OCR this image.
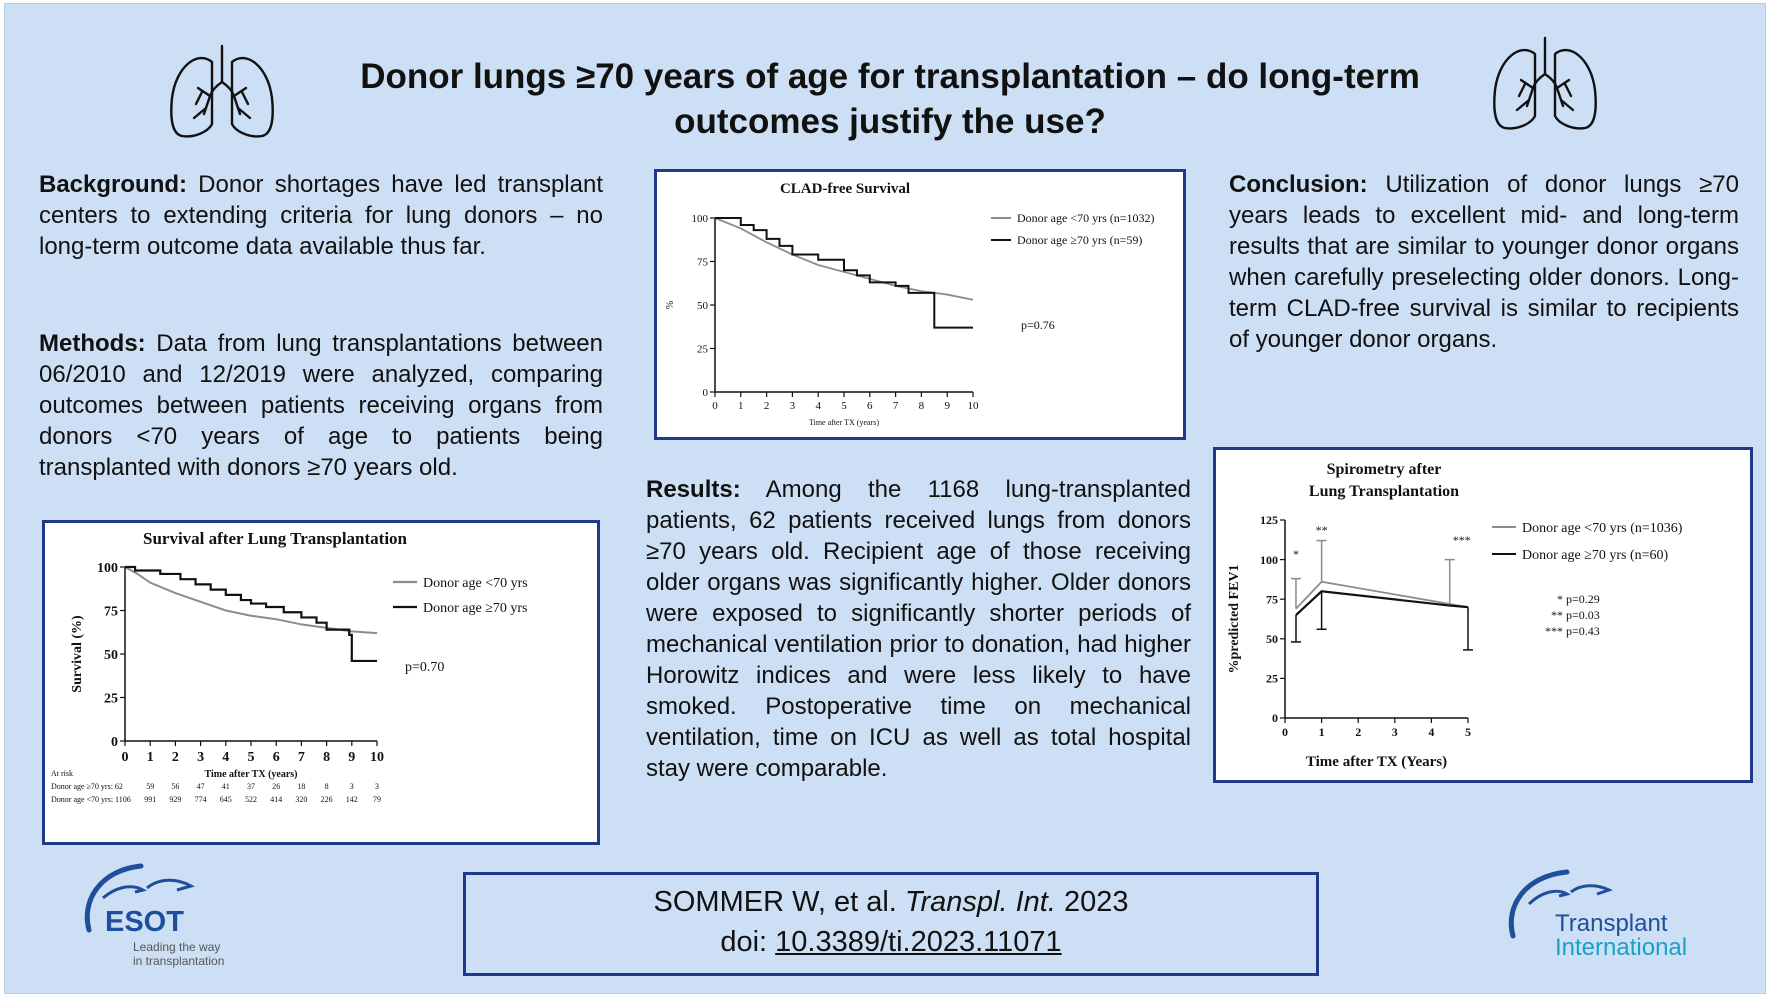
Donor lungs ≥70 years of age for transplantation – do long-term outcomes justify the use?
Background: Donor shortages have led transplant centers to extending criteria for lung donors – no long-term outcome data available thus far.
Methods: Data from lung transplantations between 06/2010 and 12/2019 were analyzed, comparing outcomes between patients receiving organs from donors <70 years of age to patients being transplanted with donors ≥70 years old.
Results: Among the 1168 lung-transplanted patients, 62 patients received lungs from donors ≥70 years old. Recipient age of those receiving older organs was significantly higher. Older donors were exposed to significantly shorter periods of mechanical ventilation prior to donation, had higher Horowitz indices and were less likely to have smoked. Postoperative time on mechanical ventilation, time on ICU as well as total hospital stay were comparable.
Conclusion: Utilization of donor lungs ≥70 years leads to excellent mid- and long-term results that are similar to younger donor organs when carefully preselecting older donors. Long-term CLAD-free survival is similar to recipients of younger donor organs.
Survival after Lung Transplantation
0 1 2 3 4 5 6 7 8 9 10
0
25
50
75
100
Time after TX (years)
Survival (%)
Donor age <70 yrs
Donor age ≥70 yrs
p=0.70
At risk
Donor age ≥70 yrs: 62	59 56 47 41 37 26 18 8	3	3
Donor age <70 yrs: 1106 991 929 774 645 522 414 320 226 142 79
CLAD-free Survival
0 1 2 3 4 5 6 7 8 9 10
0
25
50
75
100
Time after TX (years)
%
Donor age <70 yrs (n=1032)
Donor age ≥70 yrs (n=59)
p=0.76
Spirometry after
Lung Transplantation
0	1	2	3	4	5
0
25
50
75
100
125
Time after TX (Years)
%predicted FEV1
Donor age <70 yrs (n=1036)
Donor age ≥70 yrs (n=60)
*
**
***
* p=0.29
** p=0.03
*** p=0.43
SOMMER W, et al. Transpl. Int. 2023
doi: 10.3389/ti.2023.11071
ESOT
Leading the way
in transplantation
Transplant
International
